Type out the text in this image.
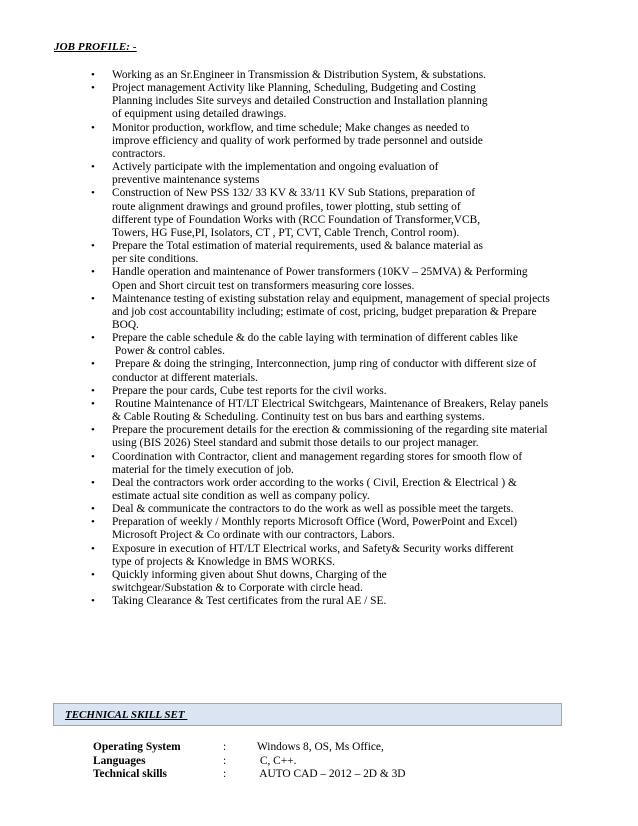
JOB PROFILE: -
• Working as an Sr.Engineer in Transmission & Distribution System, & substations.
• Project management Activity like Planning, Scheduling, Budgeting and Costing
Planning includes Site surveys and detailed Construction and Installation planning
of equipment using detailed drawings.
• Monitor production, workflow, and time schedule; Make changes as needed to
improve efficiency and quality of work performed by trade personnel and outside
contractors.
• Actively participate with the implementation and ongoing evaluation of
preventive maintenance systems
• Construction of New PSS 132/ 33 KV & 33/11 KV Sub Stations, preparation of
route alignment drawings and ground profiles, tower plotting, stub setting of
different type of Foundation Works with (RCC Foundation of Transformer,VCB,
Towers, HG Fuse,PI, Isolators, CT , PT, CVT, Cable Trench, Control room).
• Prepare the Total estimation of material requirements, used & balance material as
per site conditions.
• Handle operation and maintenance of Power transformers (10KV – 25MVA) & Performing
Open and Short circuit test on transformers measuring core losses.
• Maintenance testing of existing substation relay and equipment, management of special projects
and job cost accountability including; estimate of cost, pricing, budget preparation & Prepare
BOQ.
• Prepare the cable schedule & do the cable laying with termination of different cables like
Power & control cables.
• Prepare & doing the stringing, Interconnection, jump ring of conductor with different size of
conductor at different materials.
• Prepare the pour cards, Cube test reports for the civil works.
• Routine Maintenance of HT/LT Electrical Switchgears, Maintenance of Breakers, Relay panels
& Cable Routing & Scheduling. Continuity test on bus bars and earthing systems.
• Prepare the procurement details for the erection & commissioning of the regarding site material
using (BIS 2026) Steel standard and submit those details to our project manager.
• Coordination with Contractor, client and management regarding stores for smooth flow of
material for the timely execution of job.
• Deal the contractors work order according to the works ( Civil, Erection & Electrical ) &
estimate actual site condition as well as company policy.
• Deal & communicate the contractors to do the work as well as possible meet the targets.
• Preparation of weekly / Monthly reports Microsoft Office (Word, PowerPoint and Excel)
Microsoft Project & Co ordinate with our contractors, Labors.
• Exposure in execution of HT/LT Electrical works, and Safety& Security works different
type of projects & Knowledge in BMS WORKS.
• Quickly informing given about Shut downs, Charging of the
switchgear/Substation & to Corporate with circle head.
• Taking Clearance & Test certificates from the rural AE / SE.
TECHNICAL SKILL SET
Operating System	:	Windows 8, OS, Ms Office,
Languages	:	C, C++.
Technical skills	:	AUTO CAD – 2012 – 2D & 3D
